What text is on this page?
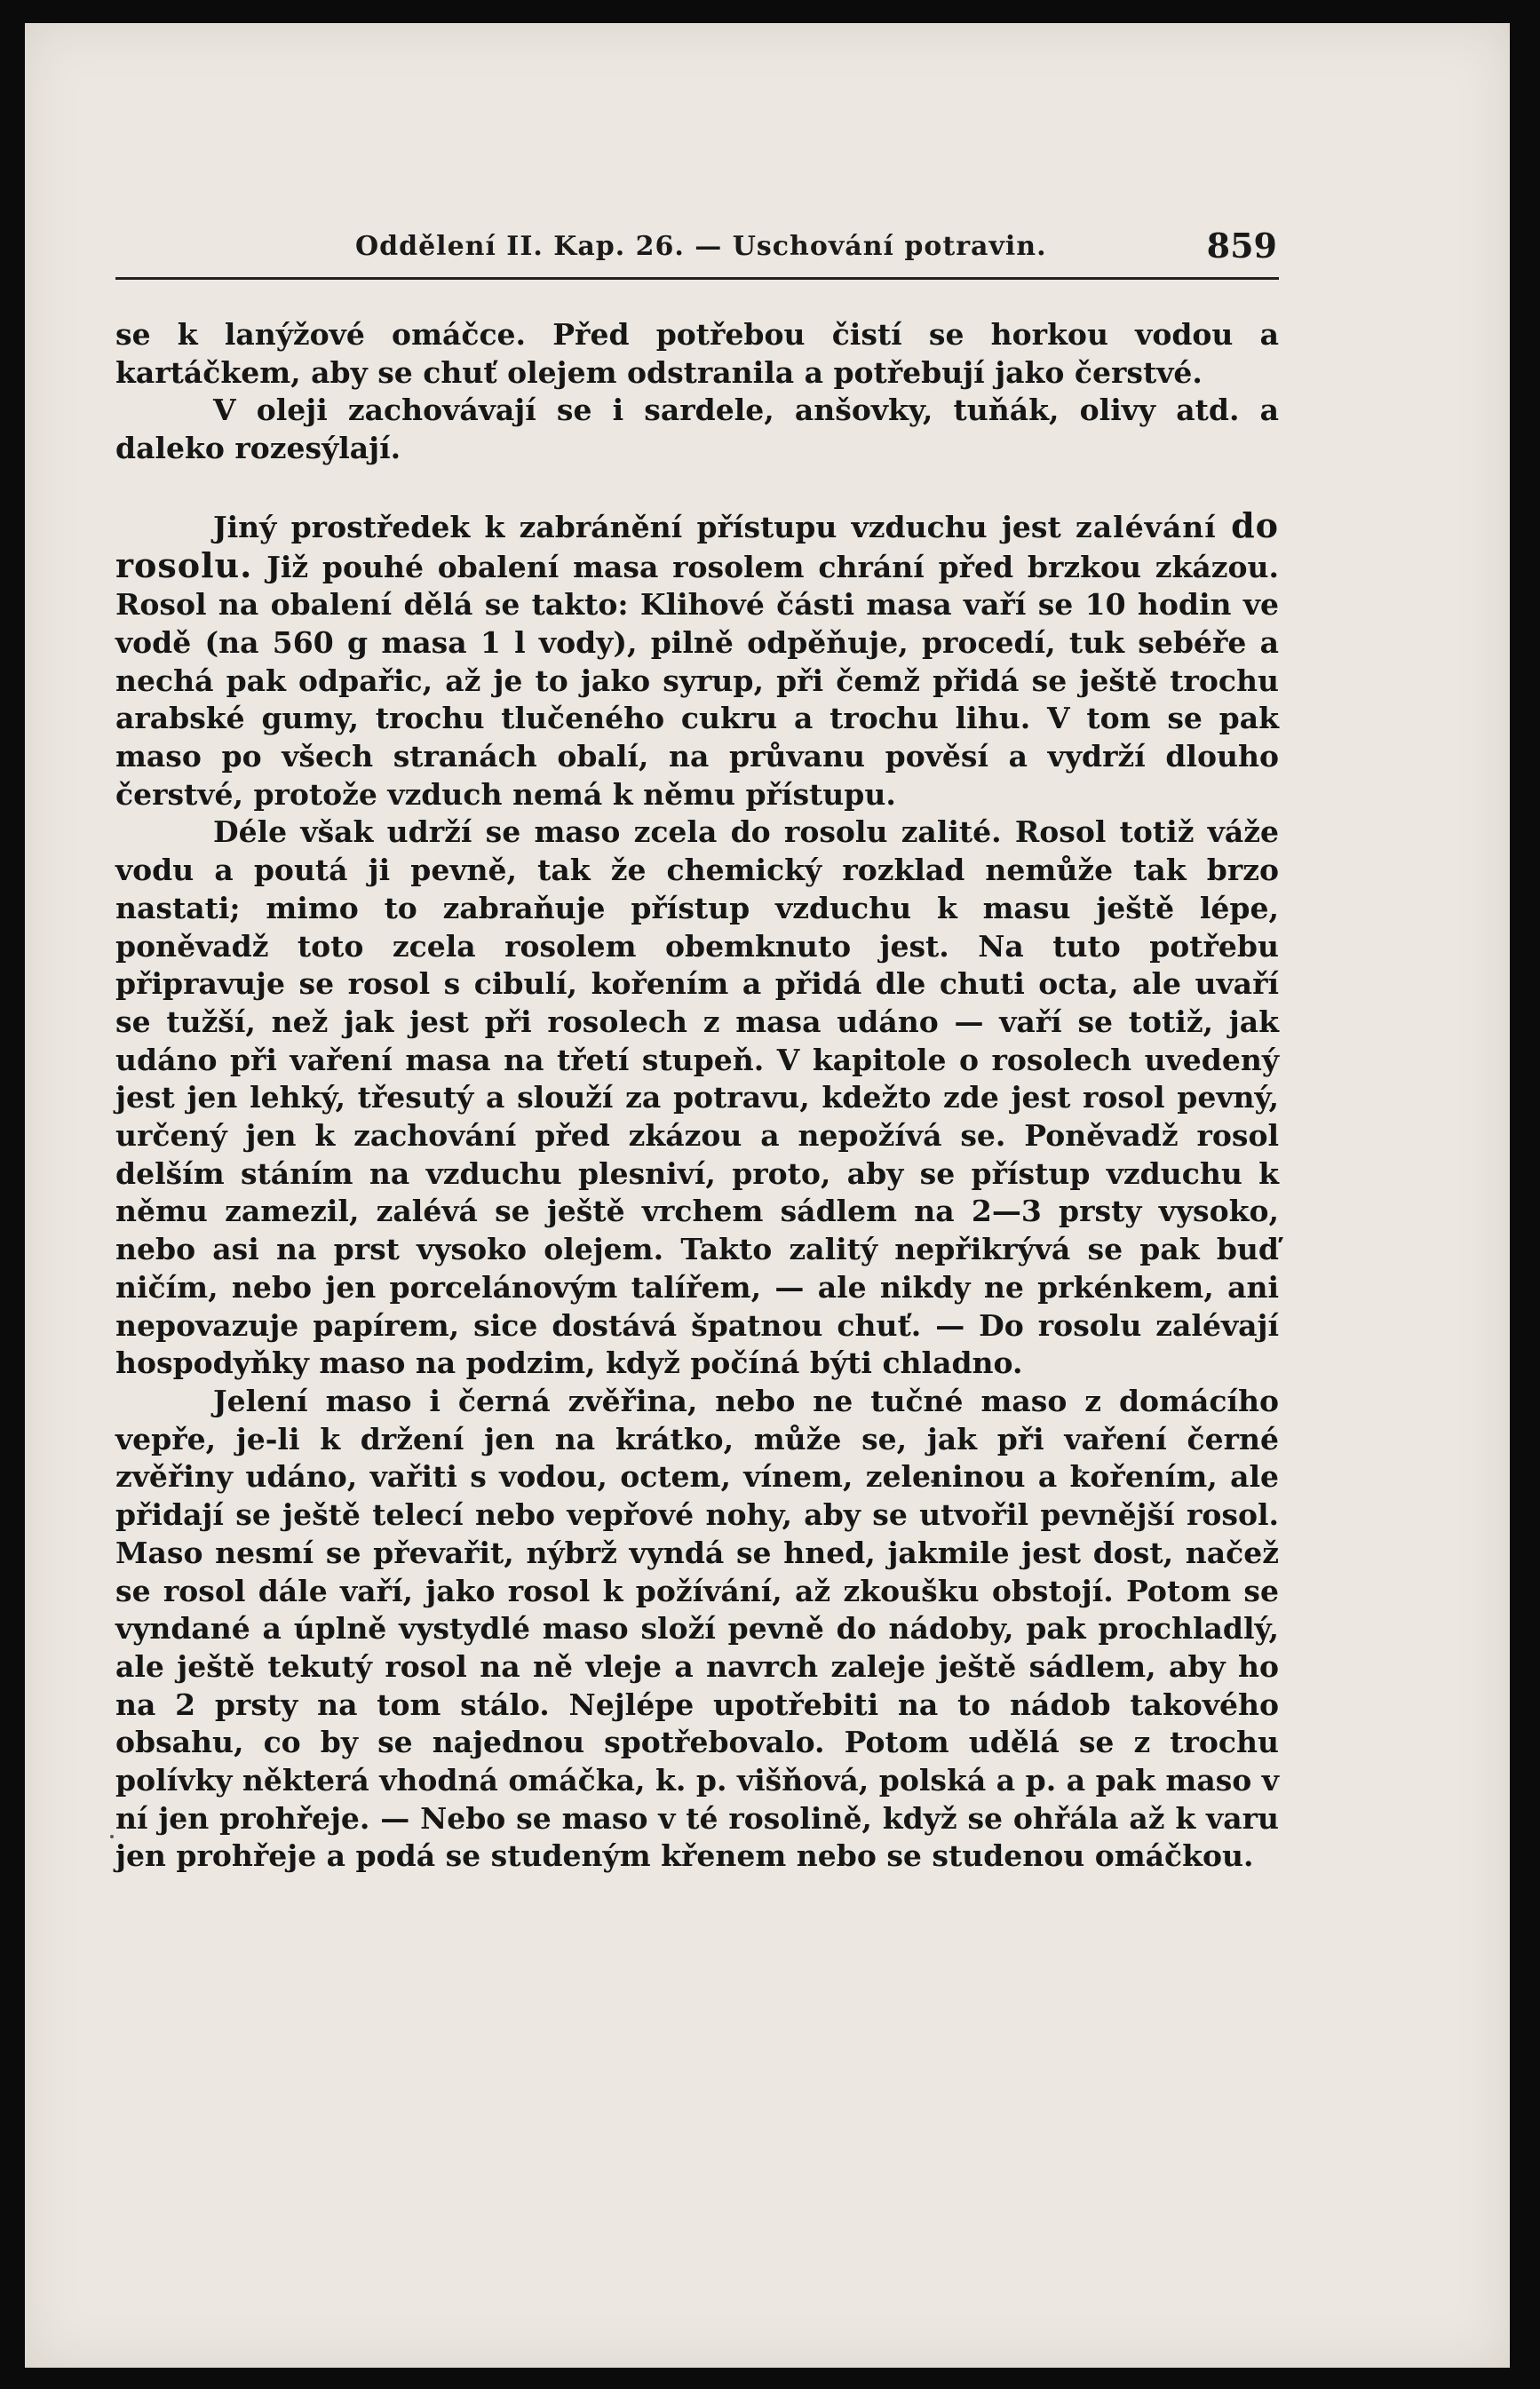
Oddělení II. Kap. 26. — Uschování potravin.	859

se k lanýžové omáčce. Před potřebou čistí se horkou vodou a kartáčkem, aby se chuť olejem odstranila a potřebují jako čerstvé.

V oleji zachovávají se i sardele, anšovky, tuňák, olivy atd. a daleko rozesýlají.

Jiný prostředek k zabránění přístupu vzduchu jest zalévání do rosolu. Již pouhé obalení masa rosolem chrání před brzkou zkázou. Rosol na obalení dělá se takto: Klihové části masa vaří se 10 hodin ve vodě (na 560 g masa 1 l vody), pilně odpěňuje, procedí, tuk sebéře a nechá pak odpařic, až je to jako syrup, při čemž přidá se ještě trochu arabské gumy, trochu tlučeného cukru a trochu lihu. V tom se pak maso po všech stranách obalí, na průvanu pověsí a vydrží dlouho čerstvé, protože vzduch nemá k němu přístupu.

Déle však udrží se maso zcela do rosolu zalité. Rosol totiž váže vodu a poutá ji pevně, tak že chemický rozklad nemůže tak brzo nastati; mimo to zabraňuje přístup vzduchu k masu ještě lépe, poněvadž toto zcela rosolem obemknuto jest. Na tuto potřebu připravuje se rosol s cibulí, kořením a přidá dle chuti octa, ale uvaří se tužší, než jak jest při rosolech z masa udáno — vaří se totiž, jak udáno při vaření masa na třetí stupeň. V kapitole o rosolech uvedený jest jen lehký, třesutý a slouží za potravu, kdežto zde jest rosol pevný, určený jen k zachování před zkázou a nepožívá se. Poněvadž rosol delším stáním na vzduchu plesniví, proto, aby se přístup vzduchu k němu zamezil, zalévá se ještě vrchem sádlem na 2—3 prsty vysoko, nebo asi na prst vysoko olejem. Takto zalitý nepřikrývá se pak buď ničím, nebo jen porcelánovým talířem, — ale nikdy ne prkénkem, ani nepovazuje papírem, sice dostává špatnou chuť. — Do rosolu zalévají hospodyňky maso na podzim, když počíná býti chladno.

Jelení maso i černá zvěřina, nebo ne tučné maso z domácího vepře, je-li k držení jen na krátko, může se, jak při vaření černé zvěřiny udáno, vařiti s vodou, octem, vínem, zeleninou a kořením, ale přidají se ještě telecí nebo vepřové nohy, aby se utvořil pevnější rosol. Maso nesmí se převařit, nýbrž vyndá se hned, jakmile jest dost, načež se rosol dále vaří, jako rosol k požívání, až zkoušku obstojí. Potom se vyndané a úplně vystydlé maso složí pevně do nádoby, pak prochladlý, ale ještě tekutý rosol na ně vleje a navrch zaleje ještě sádlem, aby ho na 2 prsty na tom stálo. Nejlépe upotřebiti na to nádob takového obsahu, co by se najednou spotřebovalo. Potom udělá se z trochu polívky některá vhodná omáčka, k. p. višňová, polská a p. a pak maso v ní jen prohřeje. — Nebo se maso v té rosolině, když se ohřála až k varu jen prohřeje a podá se studeným křenem nebo se studenou omáčkou.
